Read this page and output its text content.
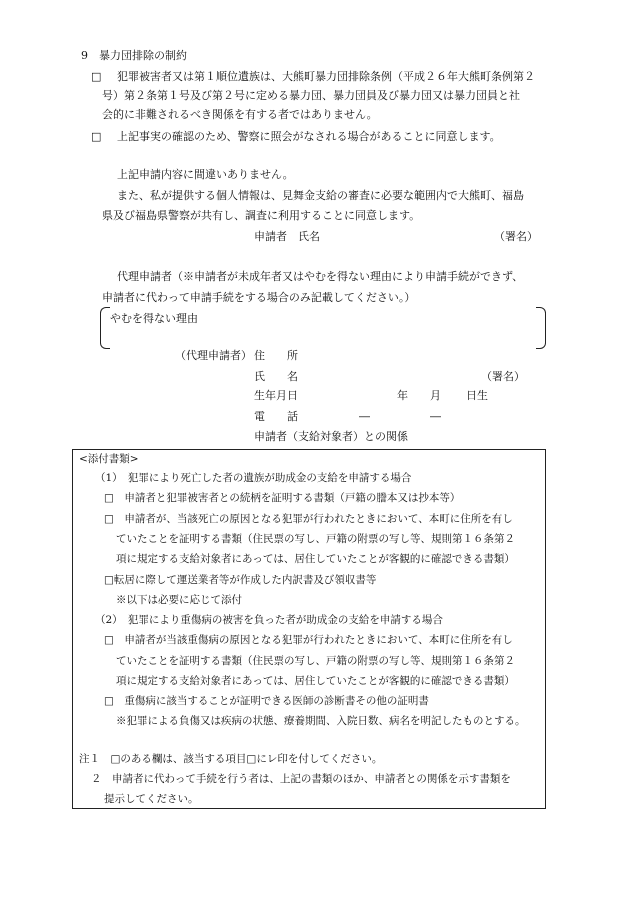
9　暴力団排除の制約
□ 犯罪被害者又は第１順位遺族は、大熊町暴力団排除条例（平成２６年大熊町条例第２
号）第２条第１号及び第２号に定める暴力団、暴力団員及び暴力団又は暴力団員と社
会的に非難されるべき関係を有する者ではありません。
□ 上記事実の確認のため、警察に照会がなされる場合があることに同意します。
上記申請内容に間違いありません。
また、私が提供する個人情報は、見舞金支給の審査に必要な範囲内で大熊町、福島
県及び福島県警察が共有し、調査に利用することに同意します。
申請者　氏名	（署名）
代理申請者（※申請者が未成年者又はやむを得ない理由により申請手続ができず、
申請者に代わって申請手続をする場合のみ記載してください。）
やむを得ない理由
（代理申請者） 住　　所
氏　　名	（署名）
生年月日	年 月 日生
電　　話	―	―
申請者（支給対象者）との関係
<添付書類>
（1）　犯罪により死亡した者の遺族が助成金の支給を申請する場合
□　申請者と犯罪被害者との続柄を証明する書類（戸籍の謄本又は抄本等）
□　申請者が、当該死亡の原因となる犯罪が行われたときにおいて、本町に住所を有し
ていたことを証明する書類（住民票の写し、戸籍の附票の写し等、規則第１６条第２
項に規定する支給対象者にあっては、居住していたことが客観的に確認できる書類）
□転居に際して運送業者等が作成した内訳書及び領収書等
※以下は必要に応じて添付
（2）　犯罪により重傷病の被害を負った者が助成金の支給を申請する場合
□　申請者が当該重傷病の原因となる犯罪が行われたときにおいて、本町に住所を有し
ていたことを証明する書類（住民票の写し、戸籍の附票の写し等、規則第１６条第２
項に規定する支給対象者にあっては、居住していたことが客観的に確認できる書類）
□　重傷病に該当することが証明できる医師の診断書その他の証明書
※犯罪による負傷又は疾病の状態、療養期間、入院日数、病名を明記したものとする。
注１　□のある欄は、該当する項目□にレ印を付してください。
２　申請者に代わって手続を行う者は、上記の書類のほか、申請者との関係を示す書類を
提示してください。
